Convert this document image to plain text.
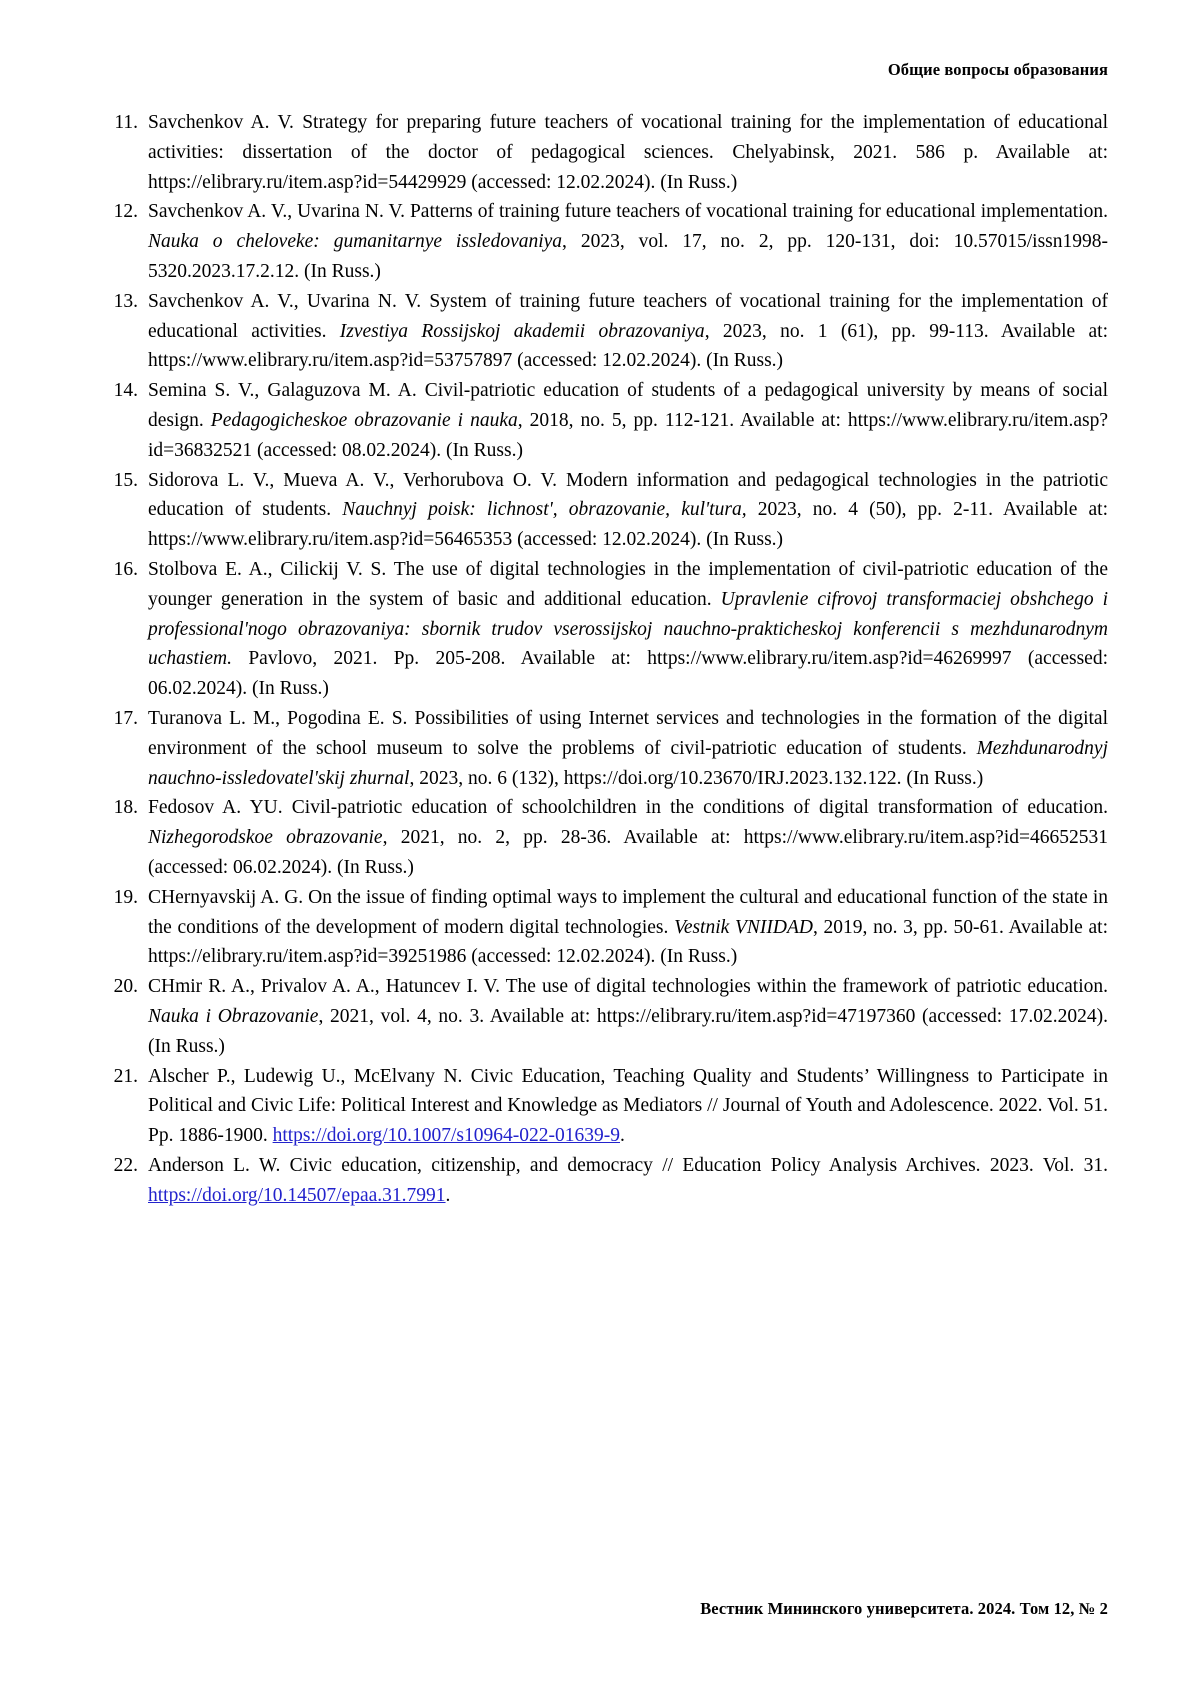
Общие вопросы образования
11. Savchenkov A. V. Strategy for preparing future teachers of vocational training for the implementation of educational activities: dissertation of the doctor of pedagogical sciences. Chelyabinsk, 2021. 586 p. Available at: https://elibrary.ru/item.asp?id=54429929 (accessed: 12.02.2024). (In Russ.)
12. Savchenkov A. V., Uvarina N. V. Patterns of training future teachers of vocational training for educational implementation. Nauka o cheloveke: gumanitarnye issledovaniya, 2023, vol. 17, no. 2, pp. 120-131, doi: 10.57015/issn1998-5320.2023.17.2.12. (In Russ.)
13. Savchenkov A. V., Uvarina N. V. System of training future teachers of vocational training for the implementation of educational activities. Izvestiya Rossijskoj akademii obrazovaniya, 2023, no. 1 (61), pp. 99-113. Available at: https://www.elibrary.ru/item.asp?id=53757897 (accessed: 12.02.2024). (In Russ.)
14. Semina S. V., Galaguzova M. A. Civil-patriotic education of students of a pedagogical university by means of social design. Pedagogicheskoe obrazovanie i nauka, 2018, no. 5, pp. 112-121. Available at: https://www.elibrary.ru/item.asp?id=36832521 (accessed: 08.02.2024). (In Russ.)
15. Sidorova L. V., Mueva A. V., Verhorubova O. V. Modern information and pedagogical technologies in the patriotic education of students. Nauchnyj poisk: lichnost', obrazovanie, kul'tura, 2023, no. 4 (50), pp. 2-11. Available at: https://www.elibrary.ru/item.asp?id=56465353 (accessed: 12.02.2024). (In Russ.)
16. Stolbova E. A., Cilickij V. S. The use of digital technologies in the implementation of civil-patriotic education of the younger generation in the system of basic and additional education. Upravlenie cifrovoj transformaciej obshchego i professional'nogo obrazovaniya: sbornik trudov vserossijskoj nauchno-prakticheskoj konferencii s mezhdunarodnym uchastiem. Pavlovo, 2021. Pp. 205-208. Available at: https://www.elibrary.ru/item.asp?id=46269997 (accessed: 06.02.2024). (In Russ.)
17. Turanova L. M., Pogodina E. S. Possibilities of using Internet services and technologies in the formation of the digital environment of the school museum to solve the problems of civil-patriotic education of students. Mezhdunarodnyj nauchno-issledovatel'skij zhurnal, 2023, no. 6 (132), https://doi.org/10.23670/IRJ.2023.132.122. (In Russ.)
18. Fedosov A. YU. Civil-patriotic education of schoolchildren in the conditions of digital transformation of education. Nizhegorodskoe obrazovanie, 2021, no. 2, pp. 28-36. Available at: https://www.elibrary.ru/item.asp?id=46652531 (accessed: 06.02.2024). (In Russ.)
19. CHernyavskij A. G. On the issue of finding optimal ways to implement the cultural and educational function of the state in the conditions of the development of modern digital technologies. Vestnik VNIIDAD, 2019, no. 3, pp. 50-61. Available at: https://elibrary.ru/item.asp?id=39251986 (accessed: 12.02.2024). (In Russ.)
20. CHmir R. A., Privalov A. A., Hatuncev I. V. The use of digital technologies within the framework of patriotic education. Nauka i Obrazovanie, 2021, vol. 4, no. 3. Available at: https://elibrary.ru/item.asp?id=47197360 (accessed: 17.02.2024). (In Russ.)
21. Alscher P., Ludewig U., McElvany N. Civic Education, Teaching Quality and Students’ Willingness to Participate in Political and Civic Life: Political Interest and Knowledge as Mediators // Journal of Youth and Adolescence. 2022. Vol. 51. Pp. 1886-1900. https://doi.org/10.1007/s10964-022-01639-9.
22. Anderson L. W. Civic education, citizenship, and democracy // Education Policy Analysis Archives. 2023. Vol. 31. https://doi.org/10.14507/epaa.31.7991.
Вестник Мининского университета. 2024. Том 12, № 2
